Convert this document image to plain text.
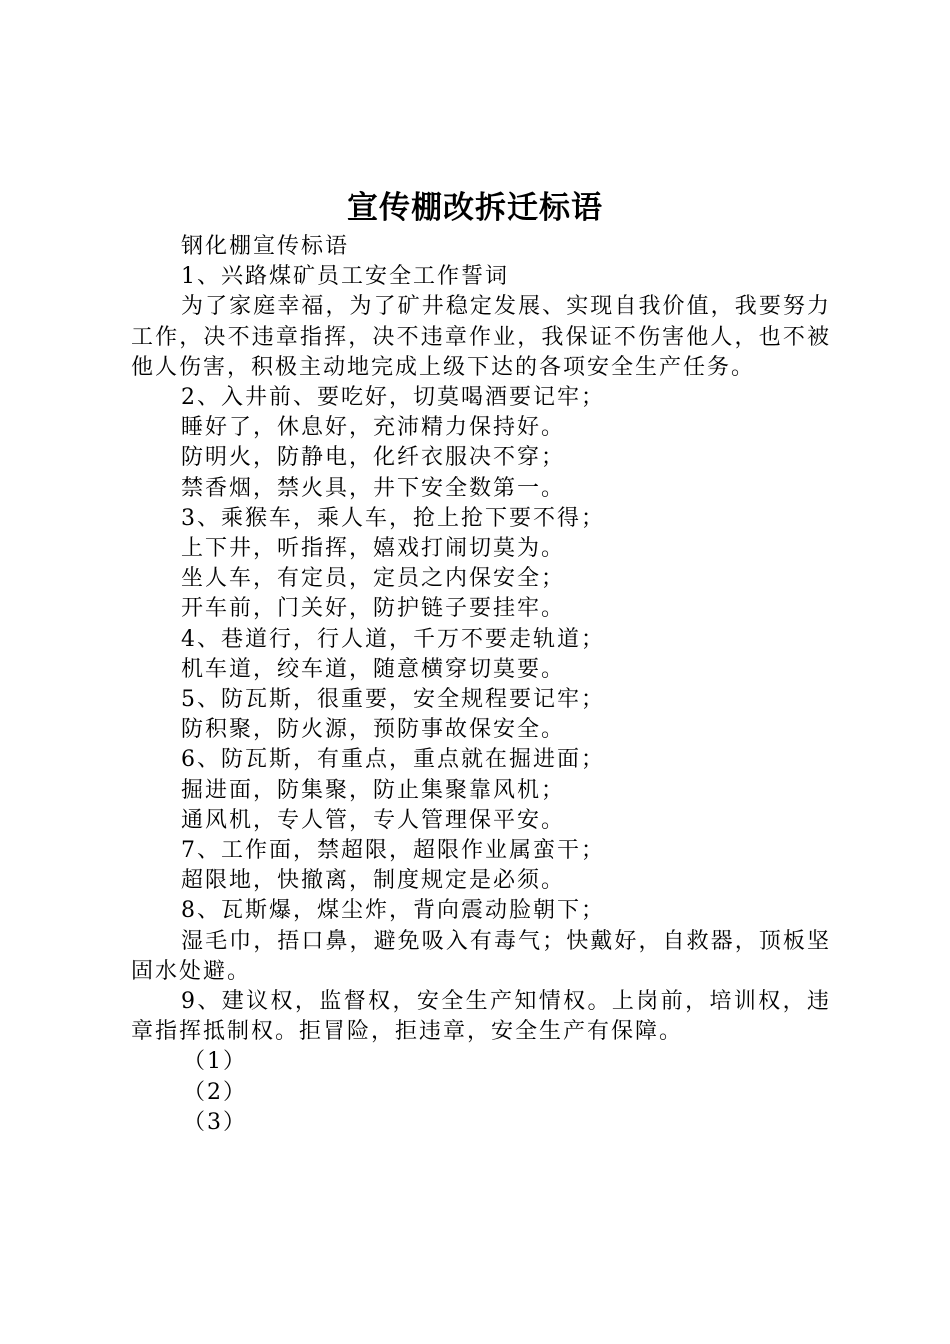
宣传棚改拆迁标语
钢化棚宣传标语
1、兴路煤矿员工安全工作誓词
为了家庭幸福，为了矿井稳定发展、实现自我价值，我要努力工作，决不违章指挥，决不违章作业，我保证不伤害他人，也不被他人伤害，积极主动地完成上级下达的各项安全生产任务。
2、入井前、要吃好，切莫喝酒要记牢；
睡好了，休息好，充沛精力保持好。
防明火，防静电，化纤衣服决不穿；
禁香烟，禁火具，井下安全数第一。
3、乘猴车，乘人车，抢上抢下要不得；
上下井，听指挥，嬉戏打闹切莫为。
坐人车，有定员，定员之内保安全；
开车前，门关好，防护链子要挂牢。
4、巷道行，行人道，千万不要走轨道；
机车道，绞车道，随意横穿切莫要。
5、防瓦斯，很重要，安全规程要记牢；
防积聚，防火源，预防事故保安全。
6、防瓦斯，有重点，重点就在掘进面；
掘进面，防集聚，防止集聚靠风机；
通风机，专人管，专人管理保平安。
7、工作面，禁超限，超限作业属蛮干；
超限地，快撤离，制度规定是必须。
8、瓦斯爆，煤尘炸，背向震动脸朝下；
湿毛巾，捂口鼻，避免吸入有毒气；快戴好，自救器，顶板坚固水处避。
9、建议权，监督权，安全生产知情权。上岗前，培训权，违章指挥抵制权。拒冒险，拒违章，安全生产有保障。
（1）
（2）
（3）
